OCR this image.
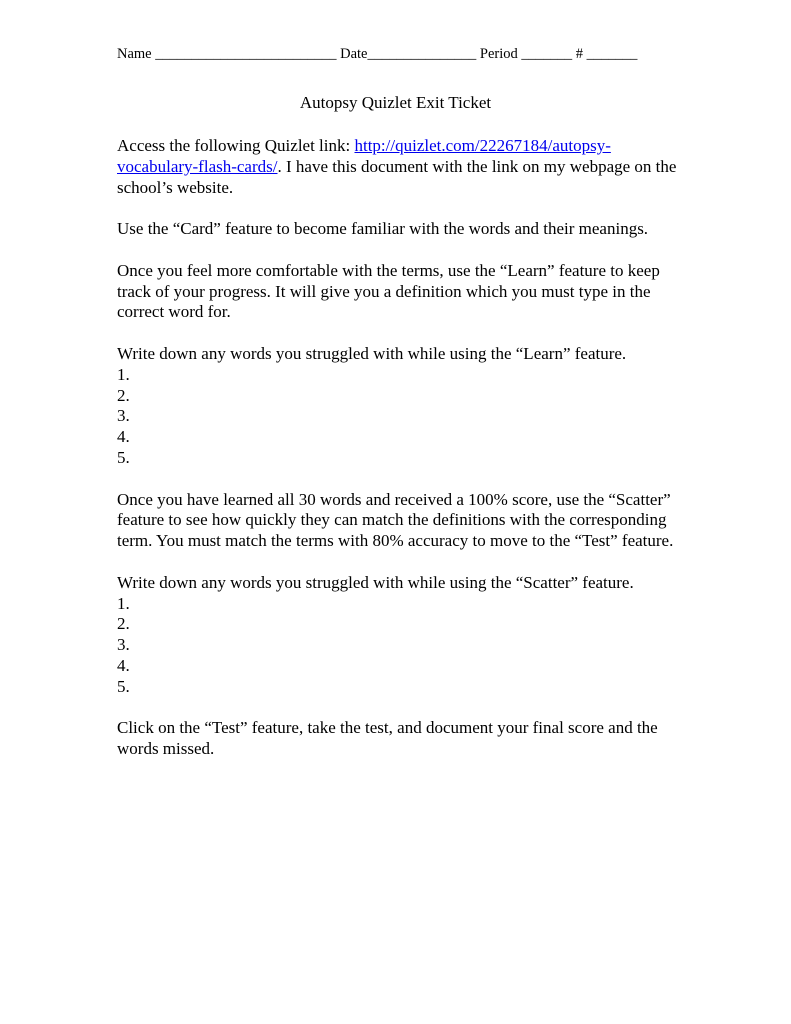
Name _________________________ Date_______________ Period _______ # _______
Autopsy Quizlet Exit Ticket

Access the following Quizlet link: http://quizlet.com/22267184/autopsy-vocabulary-flash-cards/. I have this document with the link on my webpage on the school’s website.

Use the “Card” feature to become familiar with the words and their meanings.

Once you feel more comfortable with the terms, use the “Learn” feature to keep track of your progress. It will give you a definition which you must type in the correct word for.

Write down any words you struggled with while using the “Learn” feature.

1.
2.
3.
4.
5.

Once you have learned all 30 words and received a 100% score, use the “Scatter” feature to see how quickly they can match the definitions with the corresponding term. You must match the terms with 80% accuracy to move to the “Test” feature.

Write down any words you struggled with while using the “Scatter” feature.

1.
2.
3.
4.
5.

Click on the “Test” feature, take the test, and document your final score and the words missed.
